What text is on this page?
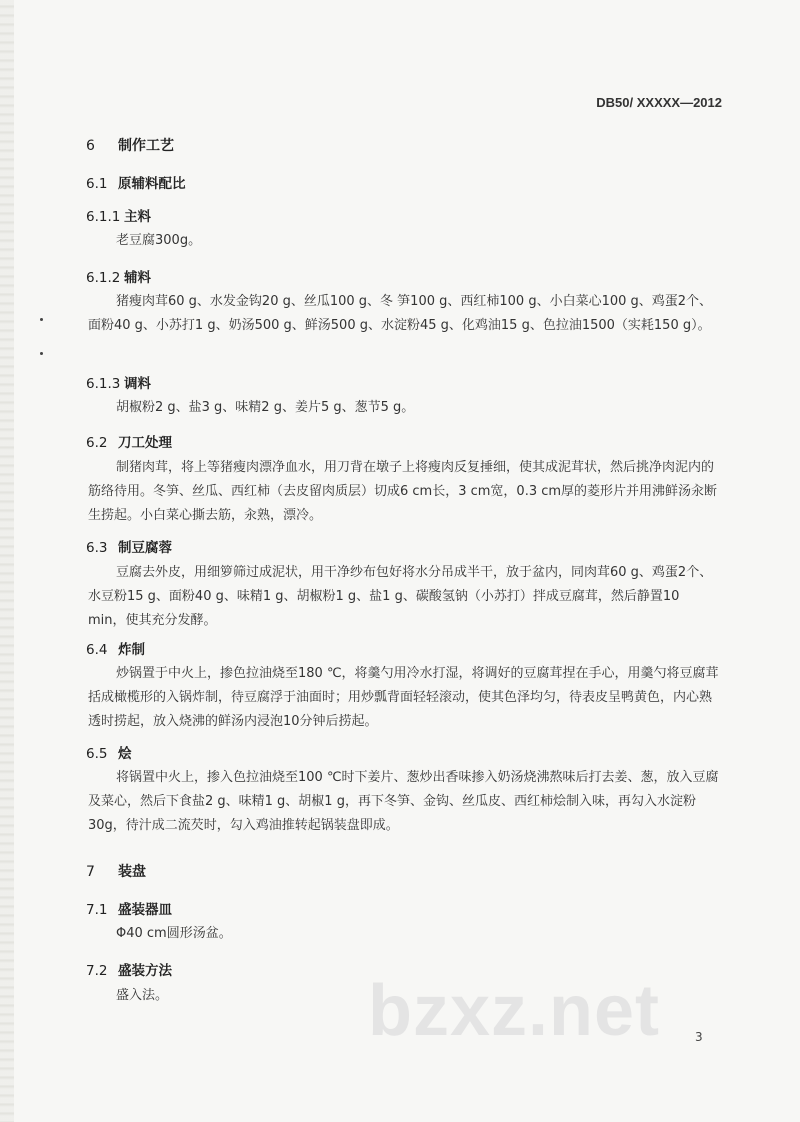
DB50/ XXXXX—2012
6 制作工艺
6.1 原辅料配比
6.1.1 主料

老豆腐300g。

6.1.2 辅料

猪瘦肉茸60 g、水发金钩20 g、丝瓜100 g、冬 笋100 g、西红柿100 g、小白菜心100 g、鸡蛋2个、面粉40 g、小苏打1 g、奶汤500 g、鲜汤500 g、水淀粉45 g、化鸡油15 g、色拉油1500（实耗150 g）。

6.1.3 调料

胡椒粉2 g、盐3 g、味精2 g、姜片5 g、葱节5 g。

6.2 刀工处理

制猪肉茸，将上等猪瘦肉漂净血水，用刀背在墩子上将瘦肉反复捶细，使其成泥茸状，然后挑净肉泥内的筋络待用。冬笋、丝瓜、西红柿（去皮留肉质层）切成6 cm长，3 cm宽，0.3 cm厚的菱形片并用沸鲜汤汆断生捞起。小白菜心撕去筋，汆熟，漂冷。

6.3 制豆腐蓉

豆腐去外皮，用细箩筛过成泥状，用干净纱布包好将水分吊成半干，放于盆内，同肉茸60 g、鸡蛋2个、水豆粉15 g、面粉40 g、味精1 g、胡椒粉1 g、盐1 g、碳酸氢钠（小苏打）拌成豆腐茸，然后静置10 min，使其充分发酵。

6.4 炸制

炒锅置于中火上，掺色拉油烧至180 ℃，将羹勺用冷水打湿，将调好的豆腐茸捏在手心，用羹勺将豆腐茸括成橄榄形的入锅炸制，待豆腐浮于油面时；用炒瓢背面轻轻滚动，使其色泽均匀，待表皮呈鸭黄色，内心熟透时捞起，放入烧沸的鲜汤内浸泡10分钟后捞起。

6.5 烩

将锅置中火上，掺入色拉油烧至100 ℃时下姜片、葱炒出香味掺入奶汤烧沸熬味后打去姜、葱，放入豆腐及菜心，然后下食盐2 g、味精1 g、胡椒1 g，再下冬笋、金钩、丝瓜皮、西红柿烩制入味，再勾入水淀粉30g，待汁成二流芡时，勾入鸡油推转起锅装盘即成。

7 装盘
7.1 盛装器皿

Φ40 cm圆形汤盆。

7.2 盛装方法

盛入法。	bzxz.net	3
